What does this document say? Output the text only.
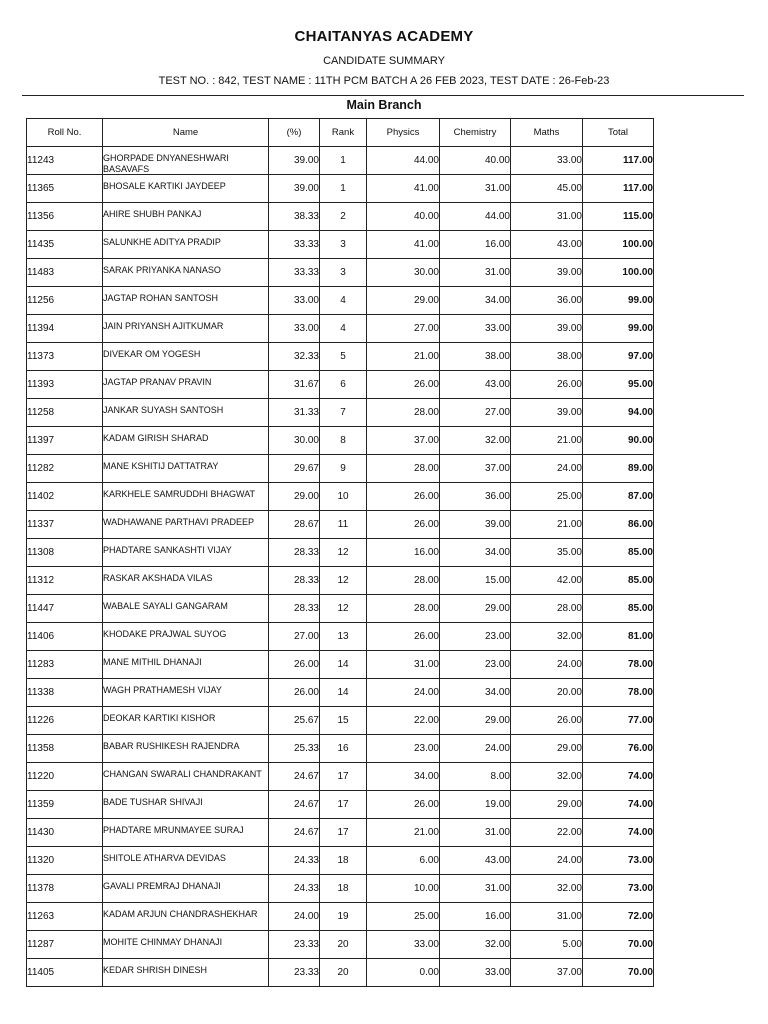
CHAITANYAS ACADEMY
CANDIDATE SUMMARY
TEST NO. : 842, TEST NAME : 11TH PCM BATCH A 26 FEB 2023, TEST DATE : 26-Feb-23
Main Branch
Roll No.	Name	(%)	Rank	Physics	Chemistry	Maths	Total
11243	GHORPADE DNYANESHWARI BASAVAFS	39.00	1	44.00	40.00	33.00	117.00
11365	BHOSALE KARTIKI JAYDEEP	39.00	1	41.00	31.00	45.00	117.00
11356	AHIRE SHUBH PANKAJ	38.33	2	40.00	44.00	31.00	115.00
11435	SALUNKHE ADITYA PRADIP	33.33	3	41.00	16.00	43.00	100.00
11483	SARAK PRIYANKA NANASO	33.33	3	30.00	31.00	39.00	100.00
11256	JAGTAP ROHAN SANTOSH	33.00	4	29.00	34.00	36.00	99.00
11394	JAIN PRIYANSH AJITKUMAR	33.00	4	27.00	33.00	39.00	99.00
11373	DIVEKAR OM YOGESH	32.33	5	21.00	38.00	38.00	97.00
11393	JAGTAP PRANAV PRAVIN	31.67	6	26.00	43.00	26.00	95.00
11258	JANKAR SUYASH SANTOSH	31.33	7	28.00	27.00	39.00	94.00
11397	KADAM GIRISH SHARAD	30.00	8	37.00	32.00	21.00	90.00
11282	MANE KSHITIJ DATTATRAY	29.67	9	28.00	37.00	24.00	89.00
11402	KARKHELE SAMRUDDHI BHAGWAT	29.00	10	26.00	36.00	25.00	87.00
11337	WADHAWANE PARTHAVI PRADEEP	28.67	11	26.00	39.00	21.00	86.00
11308	PHADTARE SANKASHTI VIJAY	28.33	12	16.00	34.00	35.00	85.00
11312	RASKAR AKSHADA VILAS	28.33	12	28.00	15.00	42.00	85.00
11447	WABALE SAYALI GANGARAM	28.33	12	28.00	29.00	28.00	85.00
11406	KHODAKE PRAJWAL SUYOG	27.00	13	26.00	23.00	32.00	81.00
11283	MANE MITHIL DHANAJI	26.00	14	31.00	23.00	24.00	78.00
11338	WAGH PRATHAMESH VIJAY	26.00	14	24.00	34.00	20.00	78.00
11226	DEOKAR KARTIKI KISHOR	25.67	15	22.00	29.00	26.00	77.00
11358	BABAR RUSHIKESH RAJENDRA	25.33	16	23.00	24.00	29.00	76.00
11220	CHANGAN SWARALI CHANDRAKANT	24.67	17	34.00	8.00	32.00	74.00
11359	BADE TUSHAR SHIVAJI	24.67	17	26.00	19.00	29.00	74.00
11430	PHADTARE MRUNMAYEE SURAJ	24.67	17	21.00	31.00	22.00	74.00
11320	SHITOLE ATHARVA DEVIDAS	24.33	18	6.00	43.00	24.00	73.00
11378	GAVALI PREMRAJ DHANAJI	24.33	18	10.00	31.00	32.00	73.00
11263	KADAM ARJUN CHANDRASHEKHAR	24.00	19	25.00	16.00	31.00	72.00
11287	MOHITE CHINMAY DHANAJI	23.33	20	33.00	32.00	5.00	70.00
11405	KEDAR SHRISH DINESH	23.33	20	0.00	33.00	37.00	70.00
